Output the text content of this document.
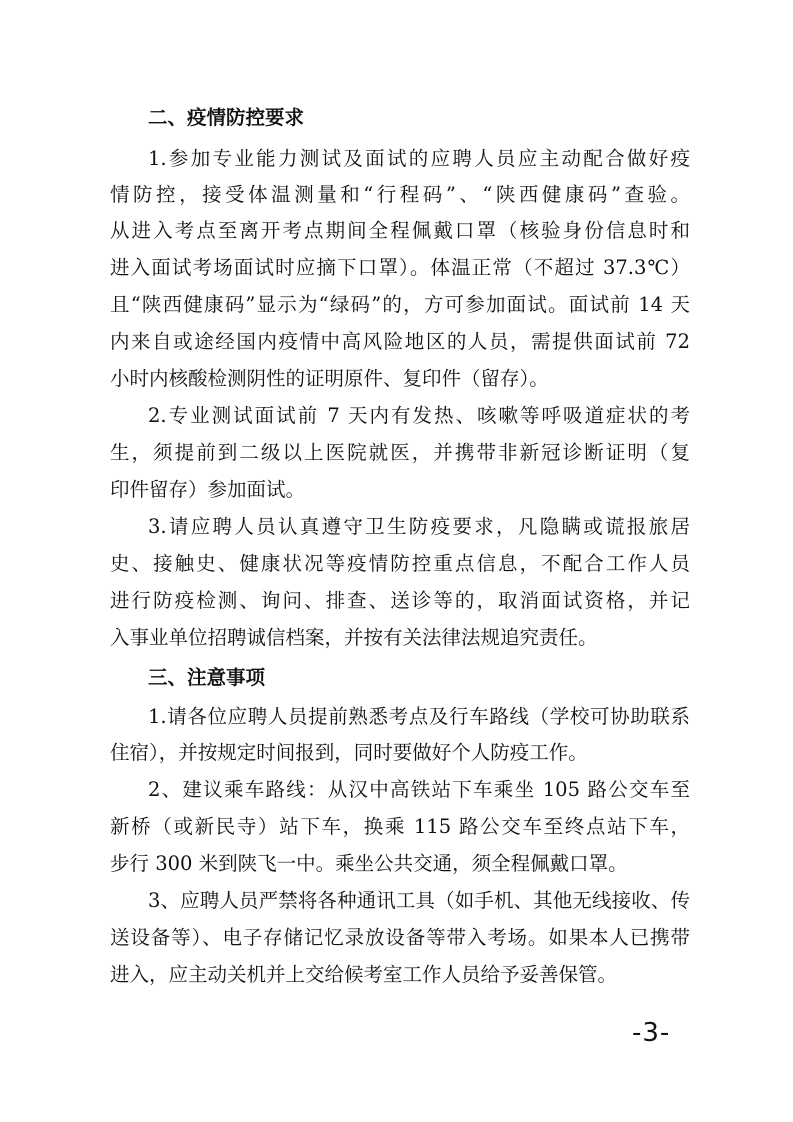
二、疫情防控要求
1.参加专业能力测试及面试的应聘人员应主动配合做好疫
情防控，接受体温测量和“行程码”、“陕西健康码”查验。
从进入考点至离开考点期间全程佩戴口罩（核验身份信息时和
进入面试考场面试时应摘下口罩）。体温正常（不超过 37.3℃）
且“陕西健康码”显示为“绿码”的，方可参加面试。面试前 14 天
内来自或途经国内疫情中高风险地区的人员，需提供面试前 72
小时内核酸检测阴性的证明原件、复印件（留存）。
2.专业测试面试前 7 天内有发热、咳嗽等呼吸道症状的考
生，须提前到二级以上医院就医，并携带非新冠诊断证明（复
印件留存）参加面试。
3.请应聘人员认真遵守卫生防疫要求，凡隐瞒或谎报旅居
史、接触史、健康状况等疫情防控重点信息，不配合工作人员
进行防疫检测、询问、排查、送诊等的，取消面试资格，并记
入事业单位招聘诚信档案，并按有关法律法规追究责任。
三、注意事项
1.请各位应聘人员提前熟悉考点及行车路线（学校可协助联系
住宿），并按规定时间报到，同时要做好个人防疫工作。
2、建议乘车路线：从汉中高铁站下车乘坐 105 路公交车至
新桥（或新民寺）站下车，换乘 115 路公交车至终点站下车，
步行 300 米到陕飞一中。乘坐公共交通，须全程佩戴口罩。
3、应聘人员严禁将各种通讯工具（如手机、其他无线接收、传
送设备等）、电子存储记忆录放设备等带入考场。如果本人已携带
进入，应主动关机并上交给候考室工作人员给予妥善保管。
-3-
